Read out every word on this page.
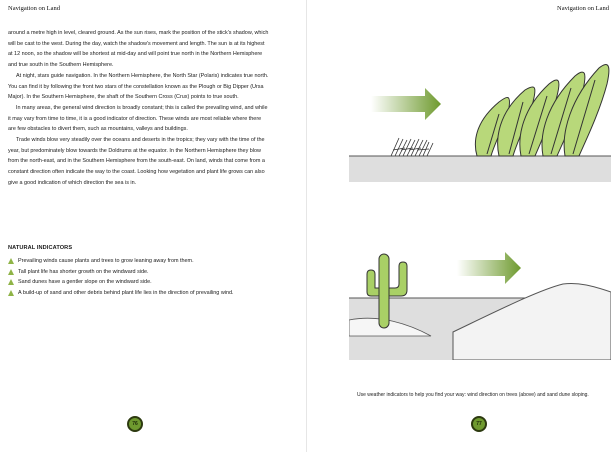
Navigation on Land

around a metre high in level, cleared ground. As the sun rises, mark the position of the stick's shadow, which will be cast to the west. During the day, watch the shadow's movement and length. The sun is at its highest at 12 noon, so the shadow will be shortest at mid-day and will point true north in the Northern Hemisphere and true south in the Southern Hemisphere.

At night, stars guide navigation. In the Northern Hemisphere, the North Star (Polaris) indicates true north. You can find it by following the front two stars of the constellation known as the Plough or Big Dipper (Ursa Major). In the Southern Hemisphere, the shaft of the Southern Cross (Crux) points to true south.

In many areas, the general wind direction is broadly constant; this is called the prevailing wind, and while it may vary from time to time, it is a good indicator of direction. These winds are most reliable where there are few obstacles to divert them, such as mountains, valleys and buildings.

Trade winds blow very steadily over the oceans and deserts in the tropics; they vary with the time of the year, but predominately blow towards the Doldrums at the equator. In the Northern Hemisphere they blow from the north-east, and in the Southern Hemisphere from the south-east. On land, winds that come from a constant direction often indicate the way to the coast. Looking how vegetation and plant life grows can also give a good indication of which direction the sea is in.

NATURAL INDICATORS
Prevailing winds cause plants and trees to grow leaning away from them.
Tall plant life has shorter growth on the windward side.
Sand dunes have a gentler slope on the windward side.
A build-up of sand and other debris behind plant life lies in the direction of prevailing wind.
76
Navigation on Land
Use weather indicators to help you find your way: wind direction on trees (above) and sand dune sloping.
77
